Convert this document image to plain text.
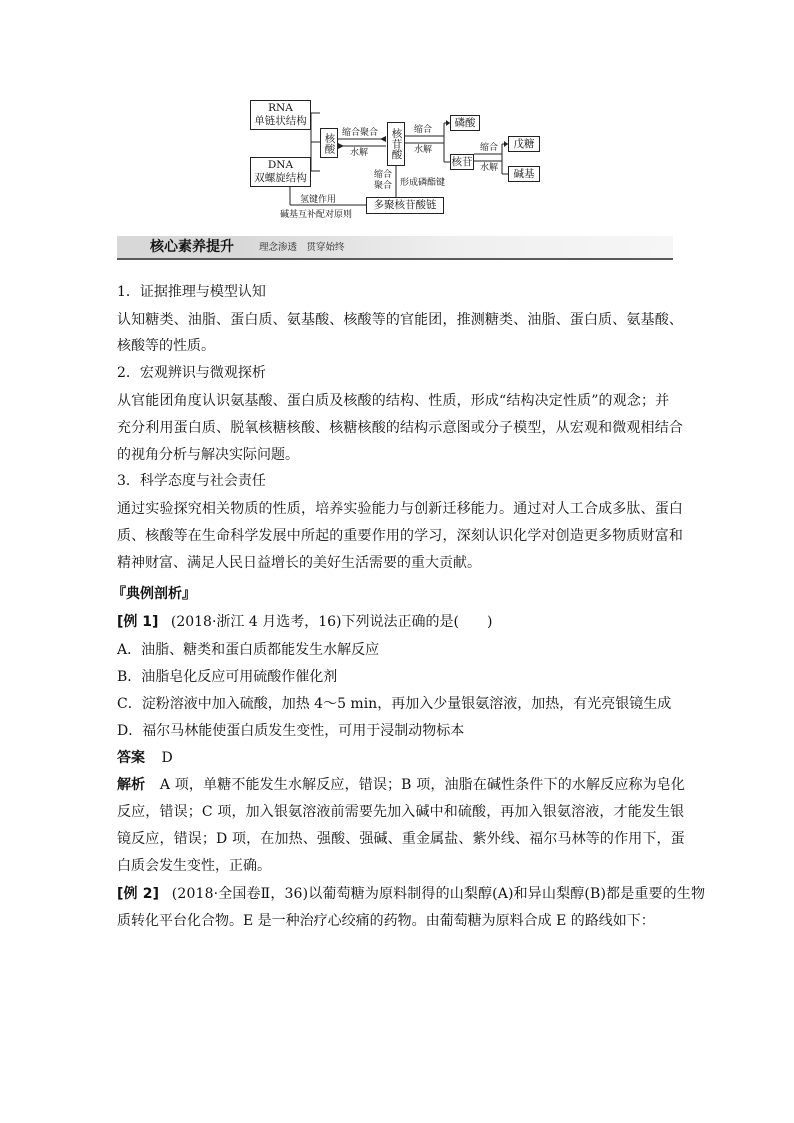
RNA
单链状结构
DNA
双螺旋结构
核酸	核苷酸
磷酸
核苷
戊糖
碱基
多聚核苷酸链
缩合聚合
水解
缩合
水解	缩合
水解
缩合
聚合 形成磷酯键
氢键作用
碱基互补配对原则
核心素养提升	理念渗透　贯穿始终
1．证据推理与模型认知
认知糖类、油脂、蛋白质、氨基酸、核酸等的官能团，推测糖类、油脂、蛋白质、氨基酸、
核酸等的性质。
2．宏观辨识与微观探析
从官能团角度认识氨基酸、蛋白质及核酸的结构、性质，形成“结构决定性质”的观念；并
充分利用蛋白质、脱氧核糖核酸、核糖核酸的结构示意图或分子模型，从宏观和微观相结合
的视角分析与解决实际问题。
3．科学态度与社会责任
通过实验探究相关物质的性质，培养实验能力与创新迁移能力。通过对人工合成多肽、蛋白
质、核酸等在生命科学发展中所起的重要作用的学习，深刻认识化学对创造更多物质财富和
精神财富、满足人民日益增长的美好生活需要的重大贡献。
『典例剖析』
[例 1] (2018·浙江 4 月选考，16)下列说法正确的是(　　)
A．油脂、糖类和蛋白质都能发生水解反应
B．油脂皂化反应可用硫酸作催化剂
C．淀粉溶液中加入硫酸，加热 4～5 min，再加入少量银氨溶液，加热，有光亮银镜生成
D．福尔马林能使蛋白质发生变性，可用于浸制动物标本
答案 D
解析 A 项，单糖不能发生水解反应，错误；B 项，油脂在碱性条件下的水解反应称为皂化
反应，错误；C 项，加入银氨溶液前需要先加入碱中和硫酸，再加入银氨溶液，才能发生银
镜反应，错误；D 项，在加热、强酸、强碱、重金属盐、紫外线、福尔马林等的作用下，蛋
白质会发生变性，正确。
[例 2] (2018·全国卷Ⅱ，36)以葡萄糖为原料制得的山梨醇(A)和异山梨醇(B)都是重要的生物
质转化平台化合物。E 是一种治疗心绞痛的药物。由葡萄糖为原料合成 E 的路线如下：
